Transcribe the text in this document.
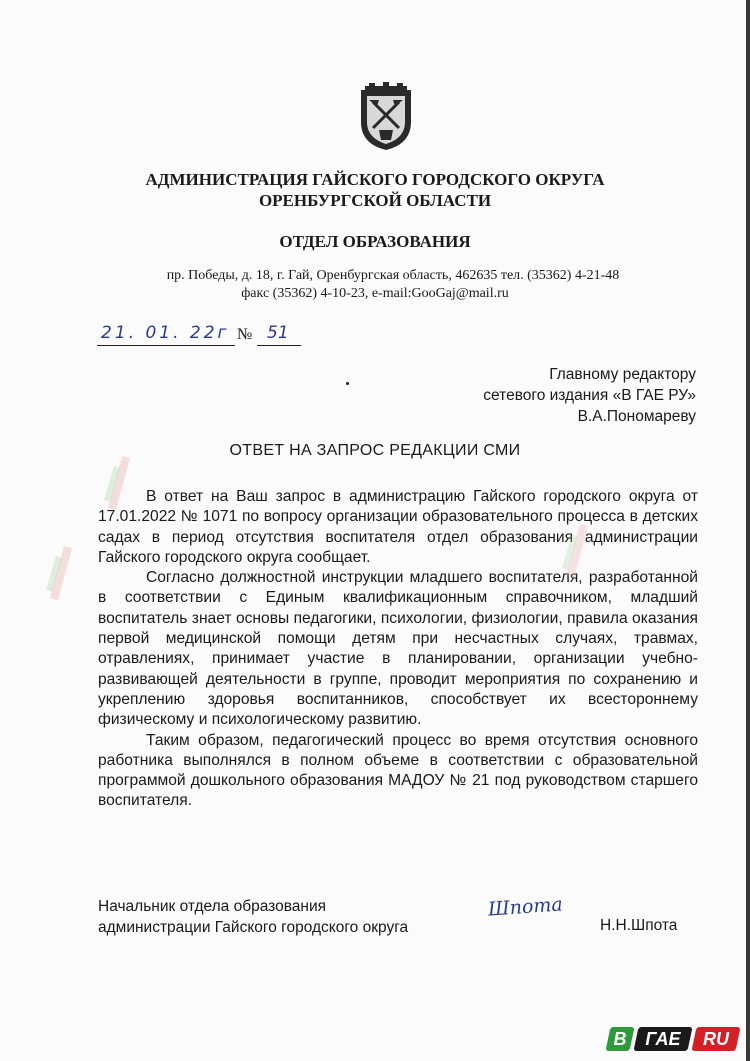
АДМИНИСТРАЦИЯ ГАЙСКОГО ГОРОДСКОГО ОКРУГА
ОРЕНБУРГСКОЙ ОБЛАСТИ
ОТДЕЛ ОБРАЗОВАНИЯ
пр. Победы, д. 18, г. Гай, Оренбургская область, 462635 тел. (35362) 4-21-48
факс (35362) 4-10-23, e-mail:GooGaj@mail.ru
21. 01. 22г № 51
Главному редактору
сетевого издания «В ГАЕ РУ»
В.А.Пономареву
ОТВЕТ НА ЗАПРОС РЕДАКЦИИ СМИ

В ответ на Ваш запрос в администрацию Гайского городского округа от 17.01.2022 № 1071 по вопросу организации образовательного процесса в детских садах в период отсутствия воспитателя отдел образования администрации Гайского городского округа сообщает.

Согласно должностной инструкции младшего воспитателя, разработанной в соответствии с Единым квалификационным справочником, младший воспитатель знает основы педагогики, психологии, физиологии, правила оказания первой медицинской помощи детям при несчастных случаях, травмах, отравлениях, принимает участие в планировании, организации учебно-развивающей деятельности в группе, проводит мероприятия по сохранению и укреплению здоровья воспитанников, способствует их всестороннему физическому и психологическому развитию.

Таким образом, педагогический процесс во время отсутствия основного работника выполнялся в полном объеме в соответствии с образовательной программой дошкольного образования МАДОУ № 21 под руководством старшего воспитателя.

Начальник отдела образования
администрации Гайского городского округа
Шпота
Н.Н.Шпота
В	ГАЕ	RU
